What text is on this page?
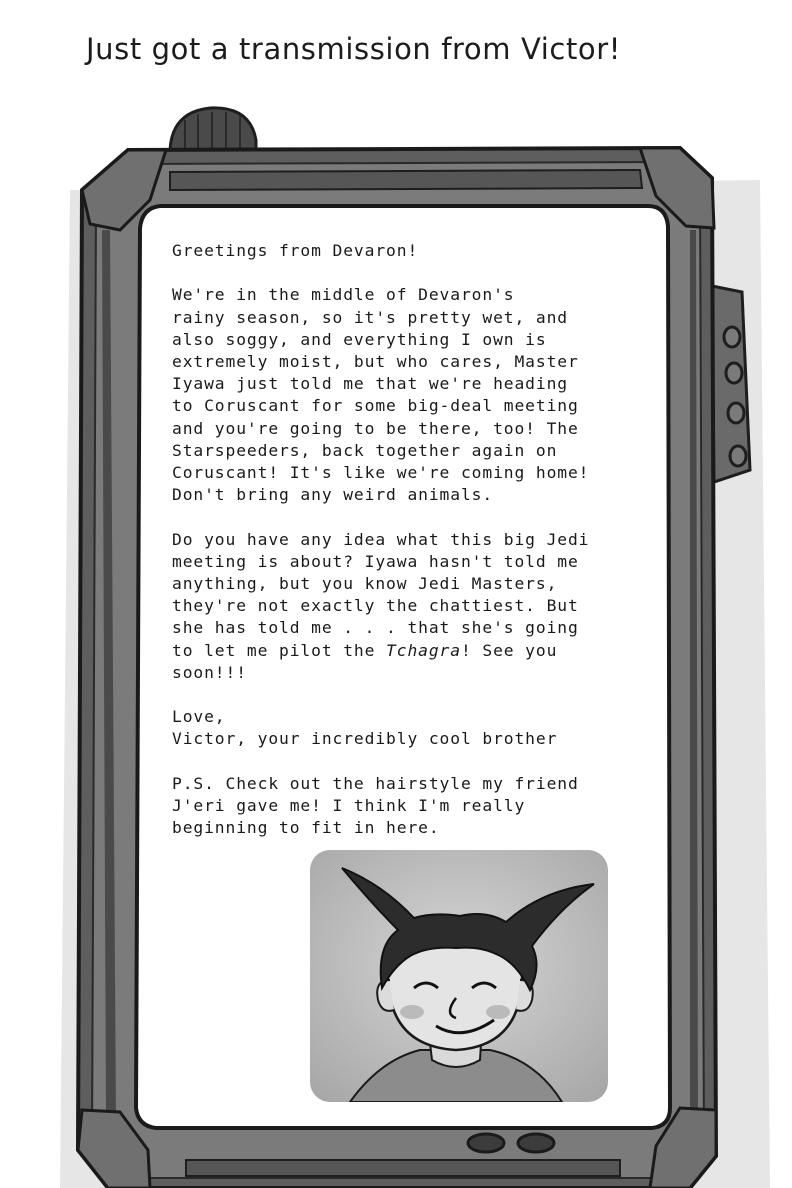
Just got a transmission from Victor!

Greetings from Devaron!

We're in the middle of Devaron's
rainy season, so it's pretty wet, and
also soggy, and everything I own is
extremely moist, but who cares, Master
Iyawa just told me that we're heading
to Coruscant for some big-deal meeting
and you're going to be there, too! The
Starspeeders, back together again on
Coruscant! It's like we're coming home!
Don't bring any weird animals.

Do you have any idea what this big Jedi
meeting is about? Iyawa hasn't told me
anything, but you know Jedi Masters,
they're not exactly the chattiest. But
she has told me . . . that she's going
to let me pilot the Tchagra! See you
soon!!!

Love,

Victor, your incredibly cool brother

P.S. Check out the hairstyle my friend
J'eri gave me! I think I'm really
beginning to fit in here.
